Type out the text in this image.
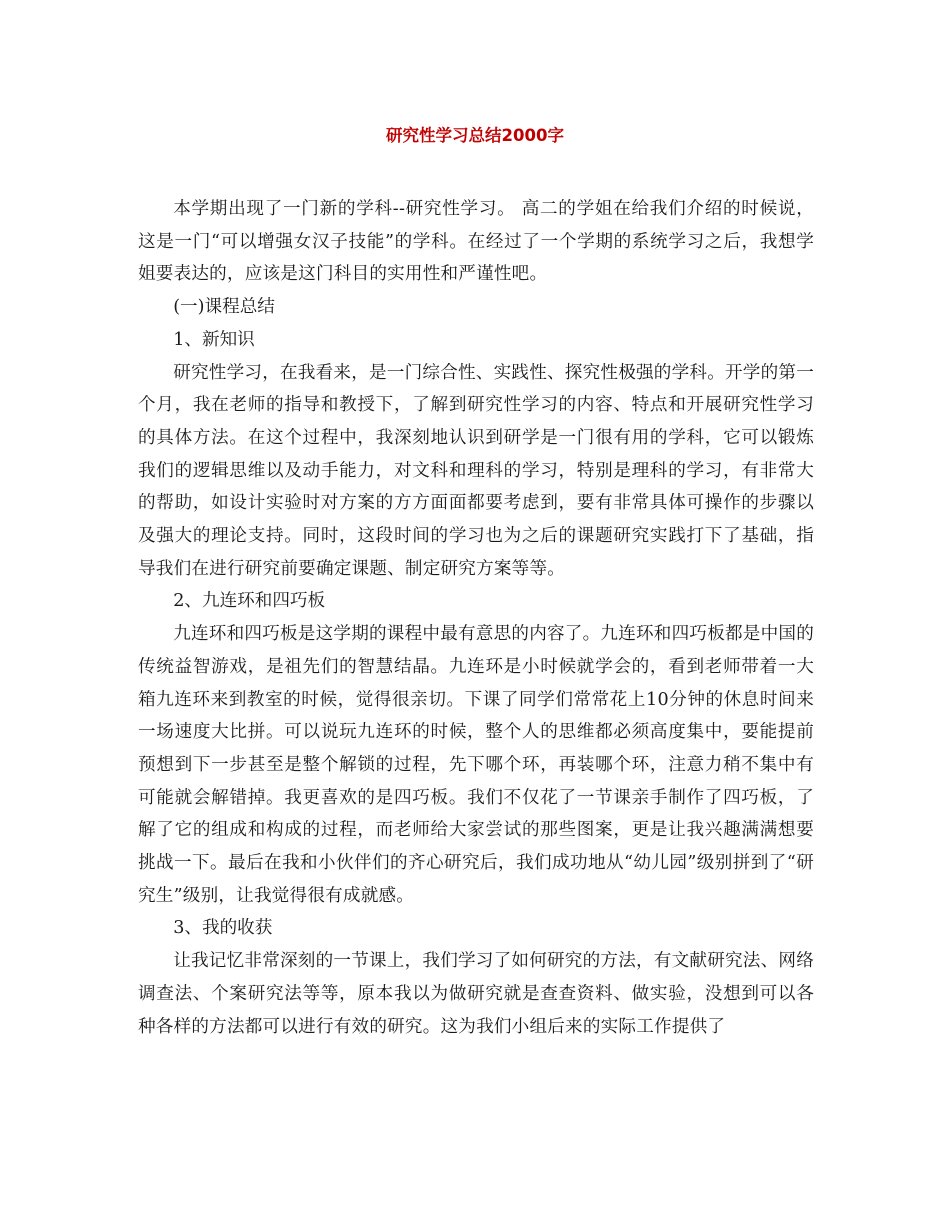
研究性学习总结2000字

本学期出现了一门新的学科--研究性学习。 高二的学姐在给我们介绍的时候说，这是一门“可以增强女汉子技能”的学科。在经过了一个学期的系统学习之后，我想学姐要表达的，应该是这门科目的实用性和严谨性吧。

(一)课程总结

1、新知识

研究性学习，在我看来，是一门综合性、实践性、探究性极强的学科。开学的第一个月，我在老师的指导和教授下，了解到研究性学习的内容、特点和开展研究性学习的具体方法。在这个过程中，我深刻地认识到研学是一门很有用的学科，它可以锻炼我们的逻辑思维以及动手能力，对文科和理科的学习，特别是理科的学习，有非常大的帮助，如设计实验时对方案的方方面面都要考虑到，要有非常具体可操作的步骤以及强大的理论支持。同时，这段时间的学习也为之后的课题研究实践打下了基础，指导我们在进行研究前要确定课题、制定研究方案等等。

2、九连环和四巧板

九连环和四巧板是这学期的课程中最有意思的内容了。九连环和四巧板都是中国的传统益智游戏，是祖先们的智慧结晶。九连环是小时候就学会的，看到老师带着一大箱九连环来到教室的时候，觉得很亲切。下课了同学们常常花上10分钟的休息时间来一场速度大比拼。可以说玩九连环的时候，整个人的思维都必须高度集中，要能提前预想到下一步甚至是整个解锁的过程，先下哪个环，再装哪个环，注意力稍不集中有可能就会解错掉。我更喜欢的是四巧板。我们不仅花了一节课亲手制作了四巧板，了解了它的组成和构成的过程，而老师给大家尝试的那些图案，更是让我兴趣满满想要挑战一下。最后在我和小伙伴们的齐心研究后，我们成功地从“幼儿园”级别拼到了“研究生”级别，让我觉得很有成就感。

3、我的收获

让我记忆非常深刻的一节课上，我们学习了如何研究的方法，有文献研究法、网络调查法、个案研究法等等，原本我以为做研究就是查查资料、做实验，没想到可以各种各样的方法都可以进行有效的研究。这为我们小组后来的实际工作提供了
